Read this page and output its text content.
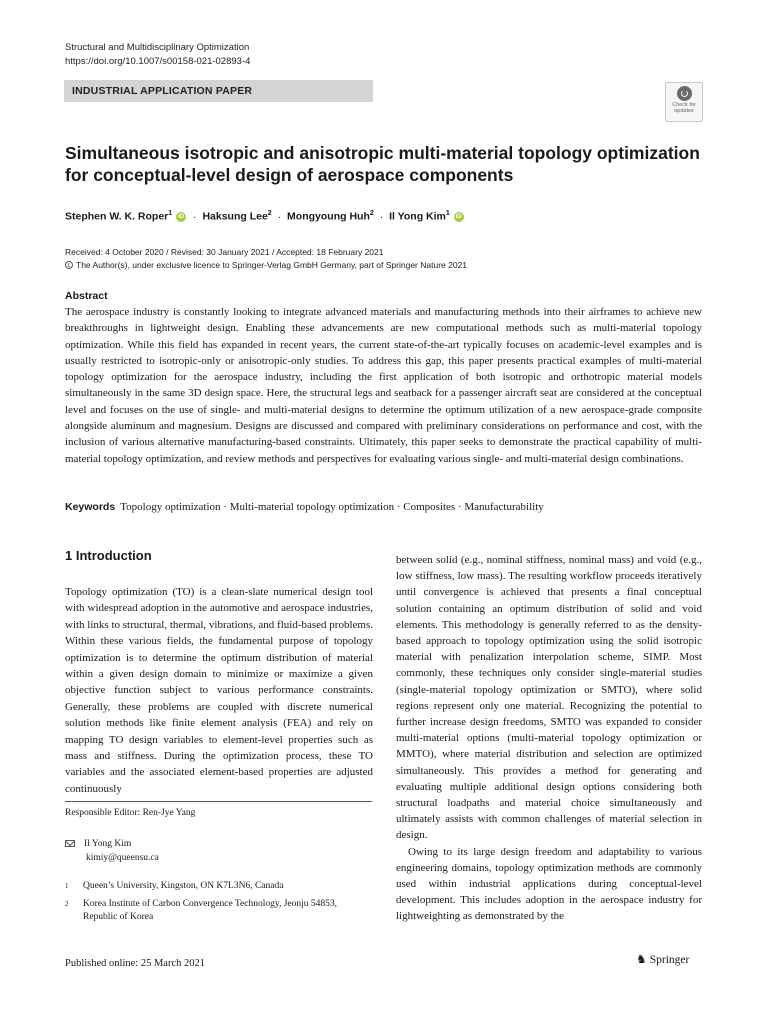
Structural and Multidisciplinary Optimization
https://doi.org/10.1007/s00158-021-02893-4
INDUSTRIAL APPLICATION PAPER
Check for
updates
Simultaneous isotropic and anisotropic multi-material topology optimization for conceptual-level design of aerospace components
Stephen W. K. Roper$^1$ iD · Haksung Lee$^2$ · Mongyoung Huh$^2$ · Il Yong Kim$^1$ iD
Received: 4 October 2020 / Revised: 30 January 2021 / Accepted: 18 February 2021
c The Author(s), under exclusive licence to Springer-Verlag GmbH Germany, part of Springer Nature 2021
Abstract

The aerospace industry is constantly looking to integrate advanced materials and manufacturing methods into their airframes to achieve new breakthroughs in lightweight design. Enabling these advancements are new computational methods such as multi-material topology optimization. While this field has expanded in recent years, the current state-of-the-art typically focuses on academic-level examples and is usually restricted to isotropic-only or anisotropic-only studies. To address this gap, this paper presents practical examples of multi-material topology optimization for the aerospace industry, including the first application of both isotropic and orthotropic material models simultaneously in the same 3D design space. Here, the structural legs and seatback for a passenger aircraft seat are considered at the conceptual level and focuses on the use of single- and multi-material designs to determine the optimum utilization of a new aerospace-grade composite alongside aluminum and magnesium. Designs are discussed and compared with preliminary considerations on performance and cost, with the inclusion of various alternative manufacturing-based constraints. Ultimately, this paper seeks to demonstrate the practical capability of multi-material topology optimization, and review methods and perspectives for evaluating various single- and multi-material design combinations.

Keywords Topology optimization · Multi-material topology optimization · Composites · Manufacturability
1 Introduction

Topology optimization (TO) is a clean-slate numerical design tool with widespread adoption in the automotive and aerospace industries, with links to structural, thermal, vibrations, and fluid-based problems. Within these various fields, the fundamental purpose of topology optimization is to determine the optimum distribution of material within a given design domain to minimize or maximize a given objective function subject to various performance constraints. Generally, these problems are coupled with discrete numerical solution methods like finite element analysis (FEA) and rely on mapping TO design variables to element-level properties such as mass and stiffness. During the optimization process, these TO variables and the associated element-based properties are adjusted continuously

between solid (e.g., nominal stiffness, nominal mass) and void (e.g., low stiffness, low mass). The resulting workflow proceeds iteratively until convergence is achieved that presents a final conceptual solution containing an optimum distribution of solid and void elements. This methodology is generally referred to as the density-based approach to topology optimization using the solid isotropic material with penalization interpolation scheme, SIMP. Most commonly, these techniques only consider single-material studies (single-material topology optimization or SMTO), where solid regions represent only one material. Recognizing the potential to further increase design freedoms, SMTO was expanded to consider multi-material options (multi-material topology optimization or MMTO), where material distribution and selection are optimized simultaneously. This provides a method for generating and evaluating multiple additional design options considering both structural loadpaths and material choice simultaneously and ultimately assists with common challenges of material selection in design.

Owing to its large design freedom and adaptability to various engineering domains, topology optimization methods are commonly used within industrial applications during conceptual-level development. This includes adoption in the aerospace industry for lightweighting as demonstrated by the

Responsible Editor: Ren-Jye Yang
Il Yong Kim
kimiy@queensu.ca
1 Queen’s University, Kingston, ON K7L3N6, Canada
2 Korea Institute of Carbon Convergence Technology, Jeonju 54853, Republic of Korea
Published online: 25 March 2021	♞ Springer
